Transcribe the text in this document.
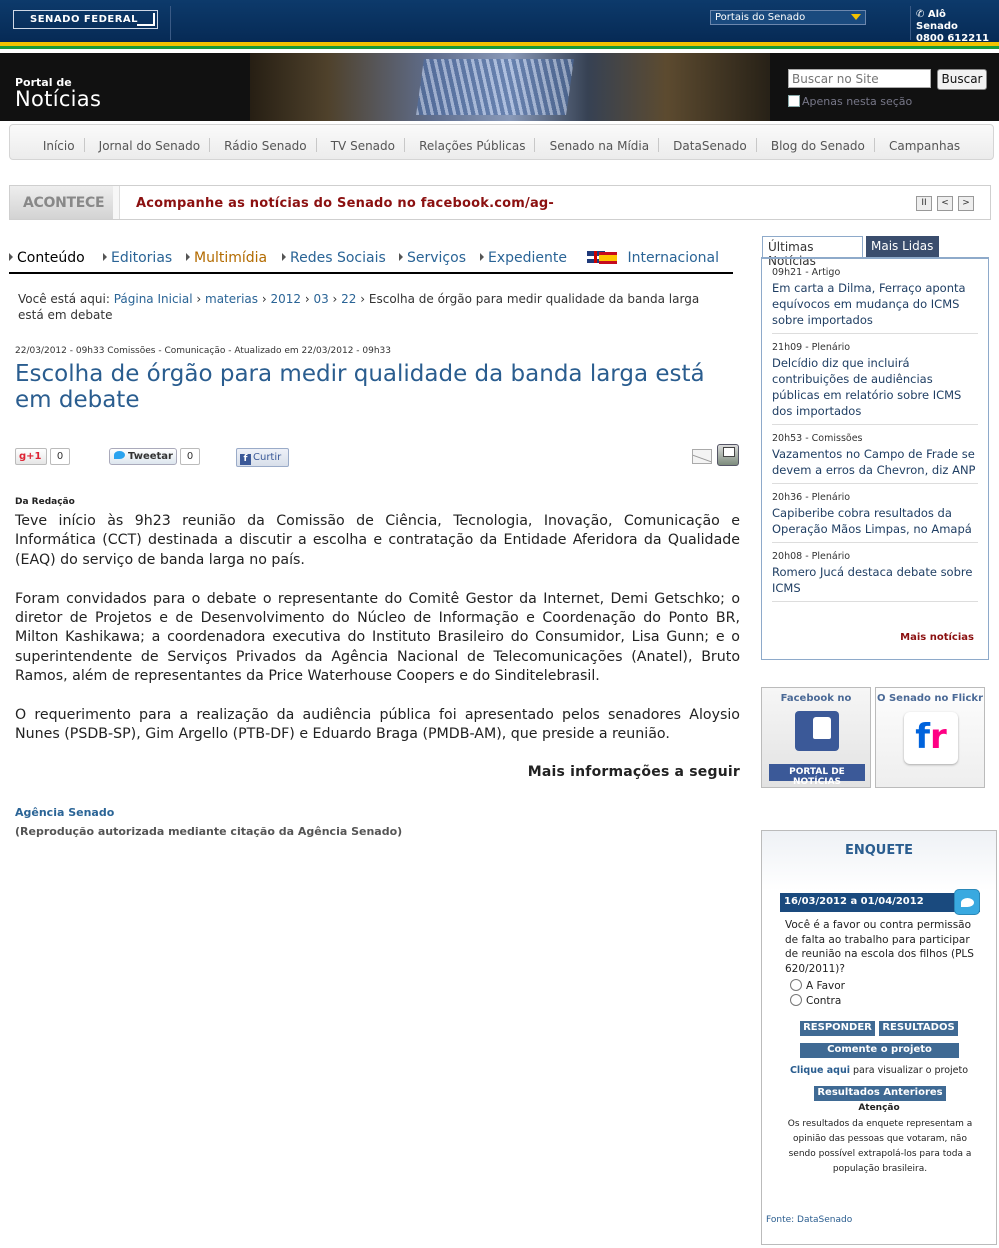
SENADO FEDERAL	Portais do Senado	✆ Alô Senado
0800 612211
Portal de
Notícias
Buscar no Site
Buscar
Apenas nesta seção
Início Jornal do Senado Rádio Senado TV Senado Relações Públicas Senado na Mídia DataSenado Blog do Senado Campanhas
ACONTECE	Acompanhe as notícias do Senado no facebook.com/ag‐	II	<	>
Conteúdo	Editorias	Multimídia	Redes Sociais	Serviços	Expediente	Internacional
Você está aqui: Página Inicial › materias › 2012 › 03 › 22 › Escolha de órgão para medir qualidade da banda larga está em debate
22/03/2012 - 09h33 Comissões - Comunicação - Atualizado em 22/03/2012 - 09h33
Escolha de órgão para medir qualidade da banda larga está em debate
g+1 0	Tweetar 0	f Curtir
Da Redação

Teve início às 9h23 reunião da Comissão de Ciência, Tecnologia, Inovação, Comunicação e Informática (CCT) destinada a discutir a escolha e contratação da Entidade Aferidora da Qualidade (EAQ) do serviço de banda larga no país.

Foram convidados para o debate o representante do Comitê Gestor da Internet, Demi Getschko; o diretor de Projetos e de Desenvolvimento do Núcleo de Informação e Coordenação do Ponto BR, Milton Kashikawa; a coordenadora executiva do Instituto Brasileiro do Consumidor, Lisa Gunn; e o superintendente de Serviços Privados da Agência Nacional de Telecomunicações (Anatel), Bruto Ramos, além de representantes da Price Waterhouse Coopers e do Sinditelebrasil.

O requerimento para a realização da audiência pública foi apresentado pelos senadores Aloysio Nunes (PSDB-SP), Gim Argello (PTB-DF) e Eduardo Braga (PMDB-AM), que preside a reunião.

Mais informações a seguir
Agência Senado
(Reprodução autorizada mediante citação da Agência Senado)
Últimas Notícias
Mais Lidas
09h21 - Artigo
Em carta a Dilma, Ferraço aponta equívocos em mudança do ICMS sobre importados
21h09 - Plenário
Delcídio diz que incluirá contribuições de audiências públicas em relatório sobre ICMS dos importados
20h53 - Comissões
Vazamentos no Campo de Frade se devem a erros da Chevron, diz ANP
20h36 - Plenário
Capiberibe cobra resultados da Operação Mãos Limpas, no Amapá
20h08 - Plenário
Romero Jucá destaca debate sobre ICMS
Mais notícias
Facebook no
PORTAL DE NOTÍCIAS
O Senado no Flickr
fr
ENQUETE
16/03/2012 a 01/04/2012
Você é a favor ou contra permissão de falta ao trabalho para participar de reunião na escola dos filhos (PLS 620/2011)?
A Favor
Contra
RESPONDER	RESULTADOS
Comente o projeto
Clique aqui para visualizar o projeto
Resultados Anteriores
Atenção
Os resultados da enquete representam a opinião das pessoas que votaram, não sendo possível extrapolá-los para toda a população brasileira.
Fonte: DataSenado
